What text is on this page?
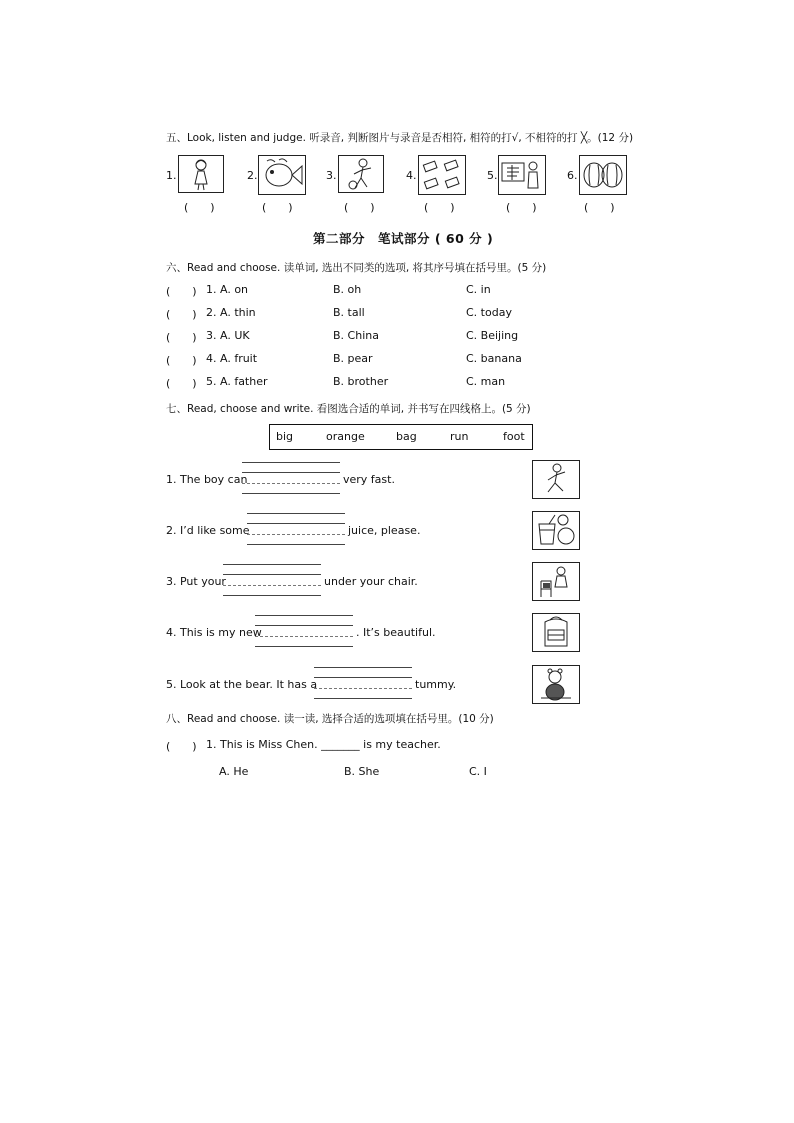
五、Look, listen and judge. 听录音, 判断图片与录音是否相符, 相符的打√, 不相符的打 ╳。(12 分)
1.
(　　)
2.
(　　)
3.
(　　)
4.
(　　)
5.
(　　)
6.
(　　)
第二部分　笔试部分 ( 60 分 )
六、Read and choose. 读单词, 选出不同类的选项, 将其序号填在括号里。(5 分)
(　　) 1. A. on	B. oh	C. in
(　　) 2. A. thin	B. tall	C. today
(　　) 3. A. UK	B. China	C. Beijing
(　　) 4. A. fruit	B. pear	C. banana
(　　) 5. A. father	B. brother	C. man
七、Read, choose and write. 看图选合适的单词, 并书写在四线格上。(5 分)
big	orange	bag	run	foot
1. The boy can	very fast.
2. I’d like some	juice, please.
3. Put your	under your chair.
4. This is my new	. It’s beautiful.
5. Look at the bear. It has a	tummy.
八、Read and choose. 读一读, 选择合适的选项填在括号里。(10 分)
(　　) 1. This is Miss Chen. _______ is my teacher.
A. He	B. She	C. I
